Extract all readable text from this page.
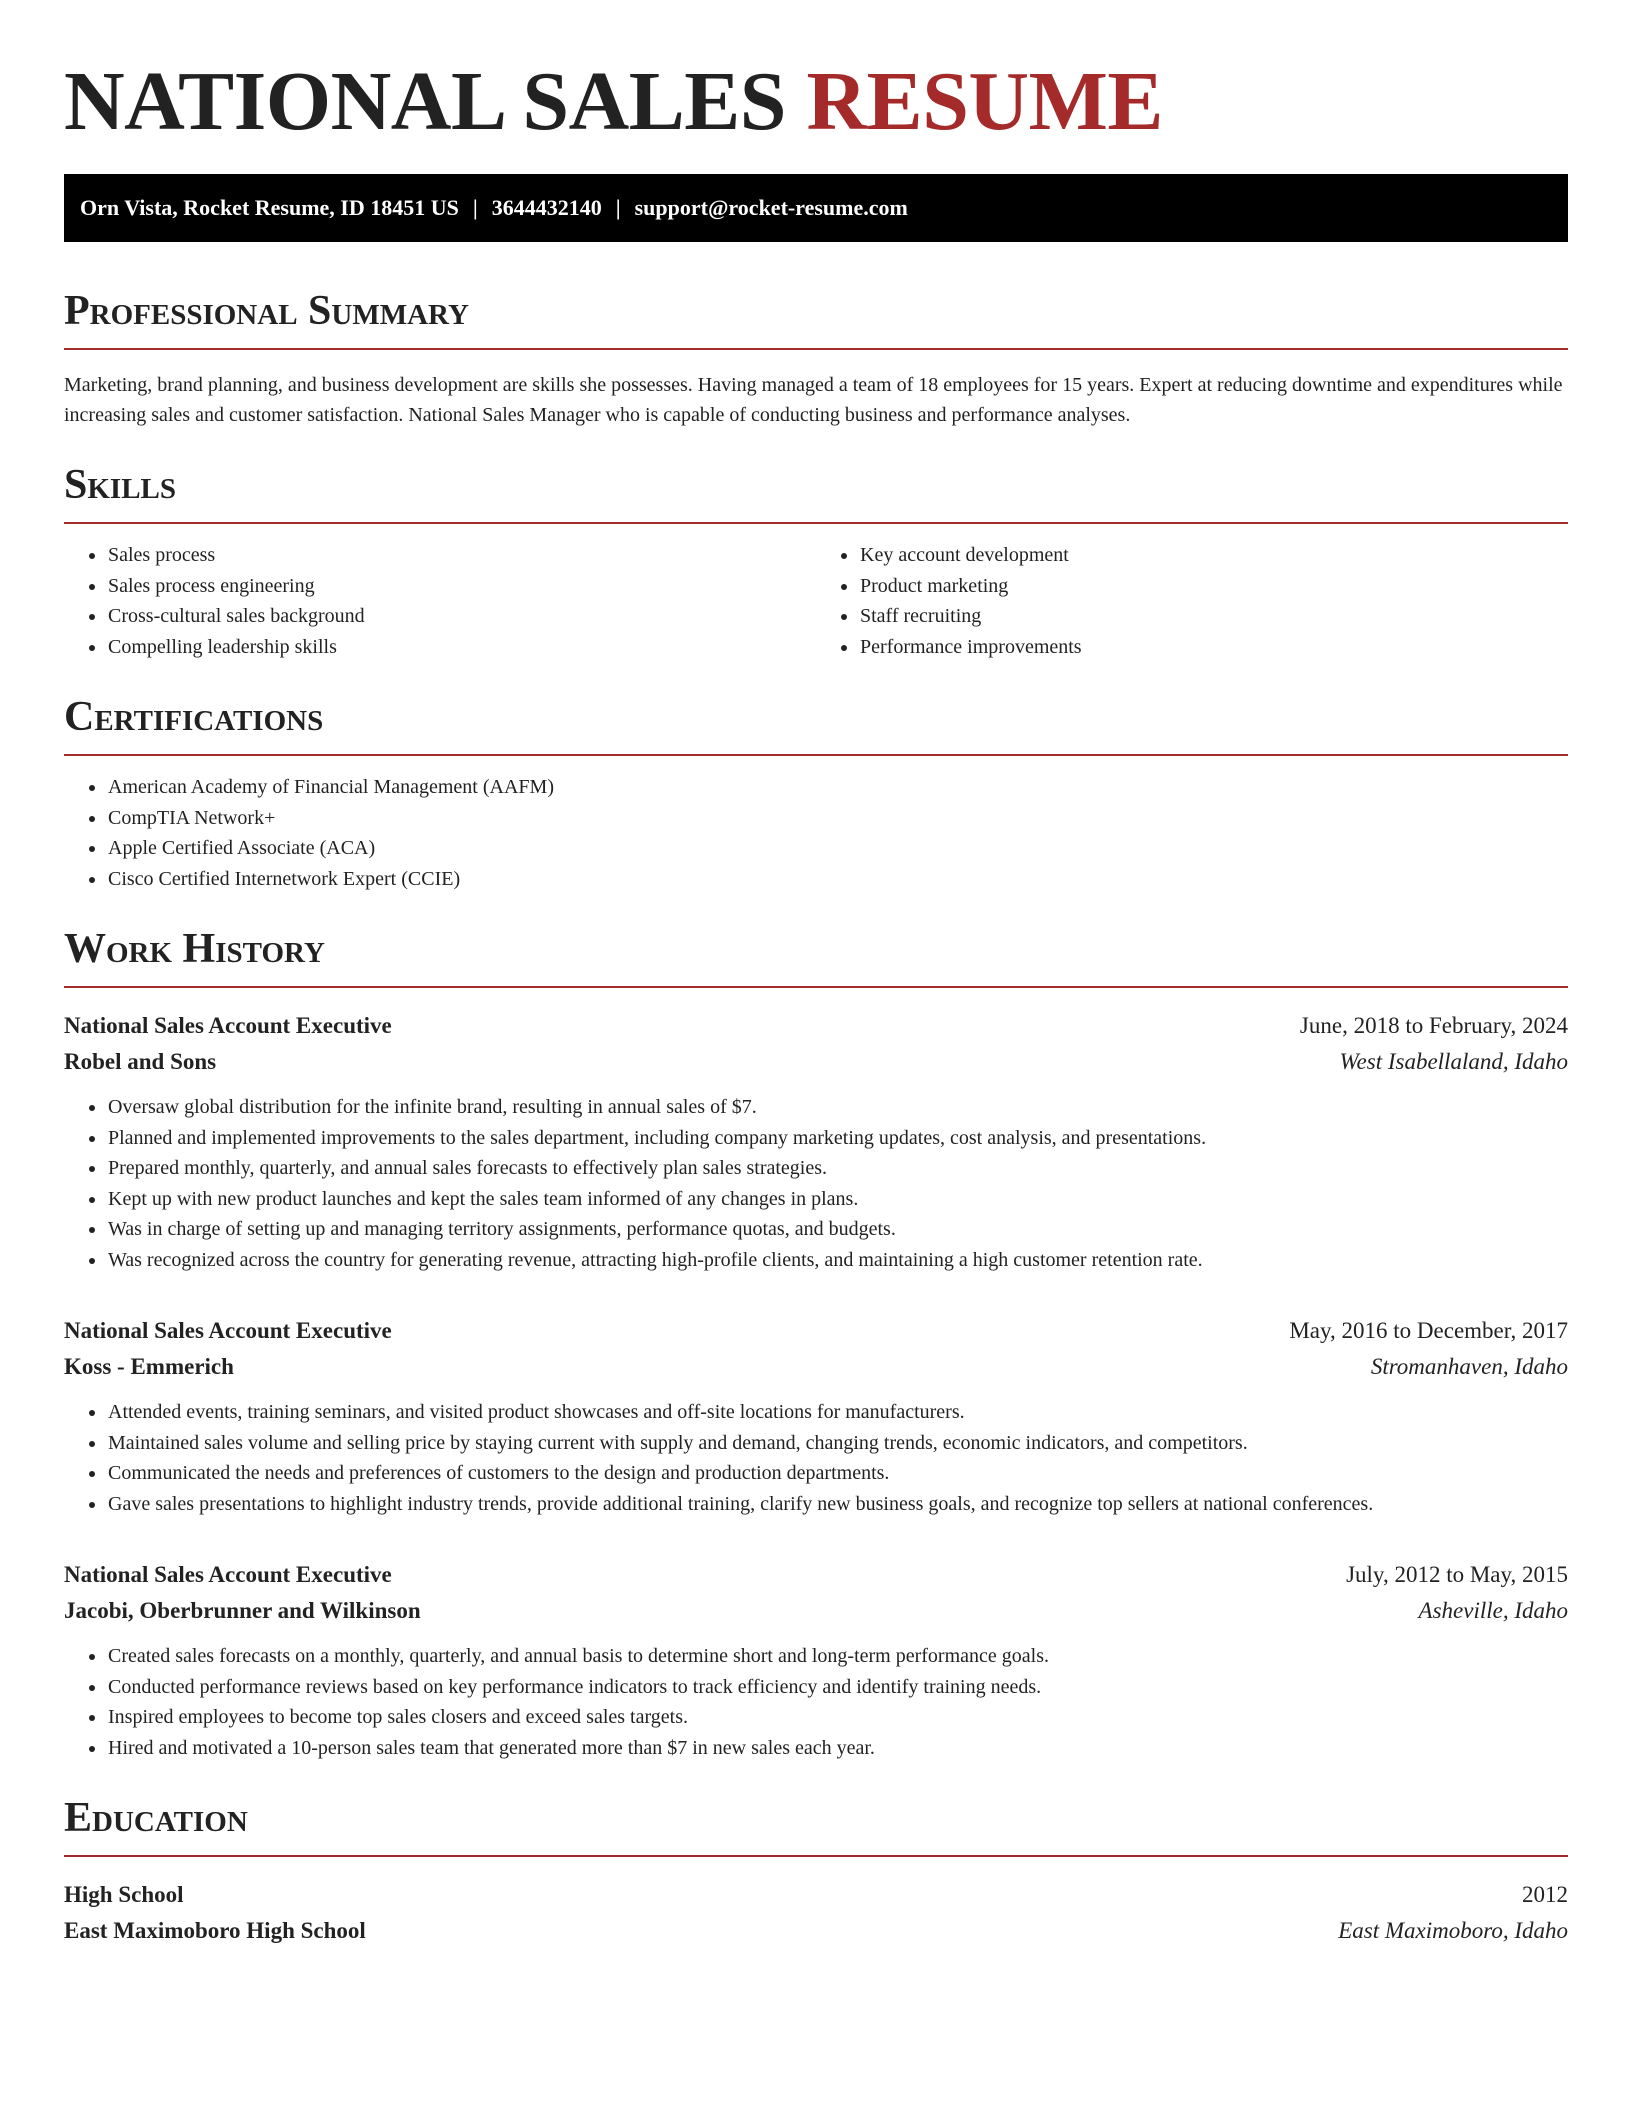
NATIONAL SALES RESUME
Orn Vista, Rocket Resume, ID 18451 US | 3644432140 | support@rocket-resume.com
Professional Summary

Marketing, brand planning, and business development are skills she possesses. Having managed a team of 18 employees for 15 years. Expert at reducing downtime and expenditures while increasing sales and customer satisfaction. National Sales Manager who is capable of conducting business and performance analyses.

Skills
• Sales process
• Sales process engineering
• Cross-cultural sales background
• Compelling leadership skills
• Key account development
• Product marketing
• Staff recruiting
• Performance improvements
Certifications
• American Academy of Financial Management (AAFM)
• CompTIA Network+
• Apple Certified Associate (ACA)
• Cisco Certified Internetwork Expert (CCIE)
Work History
National Sales Account Executive	June, 2018 to February, 2024
Robel and Sons	West Isabellaland, Idaho
• Oversaw global distribution for the infinite brand, resulting in annual sales of $7.
• Planned and implemented improvements to the sales department, including company marketing updates, cost analysis, and presentations.
• Prepared monthly, quarterly, and annual sales forecasts to effectively plan sales strategies.
• Kept up with new product launches and kept the sales team informed of any changes in plans.
• Was in charge of setting up and managing territory assignments, performance quotas, and budgets.
• Was recognized across the country for generating revenue, attracting high-profile clients, and maintaining a high customer retention rate.
National Sales Account Executive	May, 2016 to December, 2017
Koss - Emmerich	Stromanhaven, Idaho
• Attended events, training seminars, and visited product showcases and off-site locations for manufacturers.
• Maintained sales volume and selling price by staying current with supply and demand, changing trends, economic indicators, and competitors.
• Communicated the needs and preferences of customers to the design and production departments.
• Gave sales presentations to highlight industry trends, provide additional training, clarify new business goals, and recognize top sellers at national conferences.
National Sales Account Executive	July, 2012 to May, 2015
Jacobi, Oberbrunner and Wilkinson	Asheville, Idaho
• Created sales forecasts on a monthly, quarterly, and annual basis to determine short and long-term performance goals.
• Conducted performance reviews based on key performance indicators to track efficiency and identify training needs.
• Inspired employees to become top sales closers and exceed sales targets.
• Hired and motivated a 10-person sales team that generated more than $7 in new sales each year.
Education
High School	2012
East Maximoboro High School	East Maximoboro, Idaho
